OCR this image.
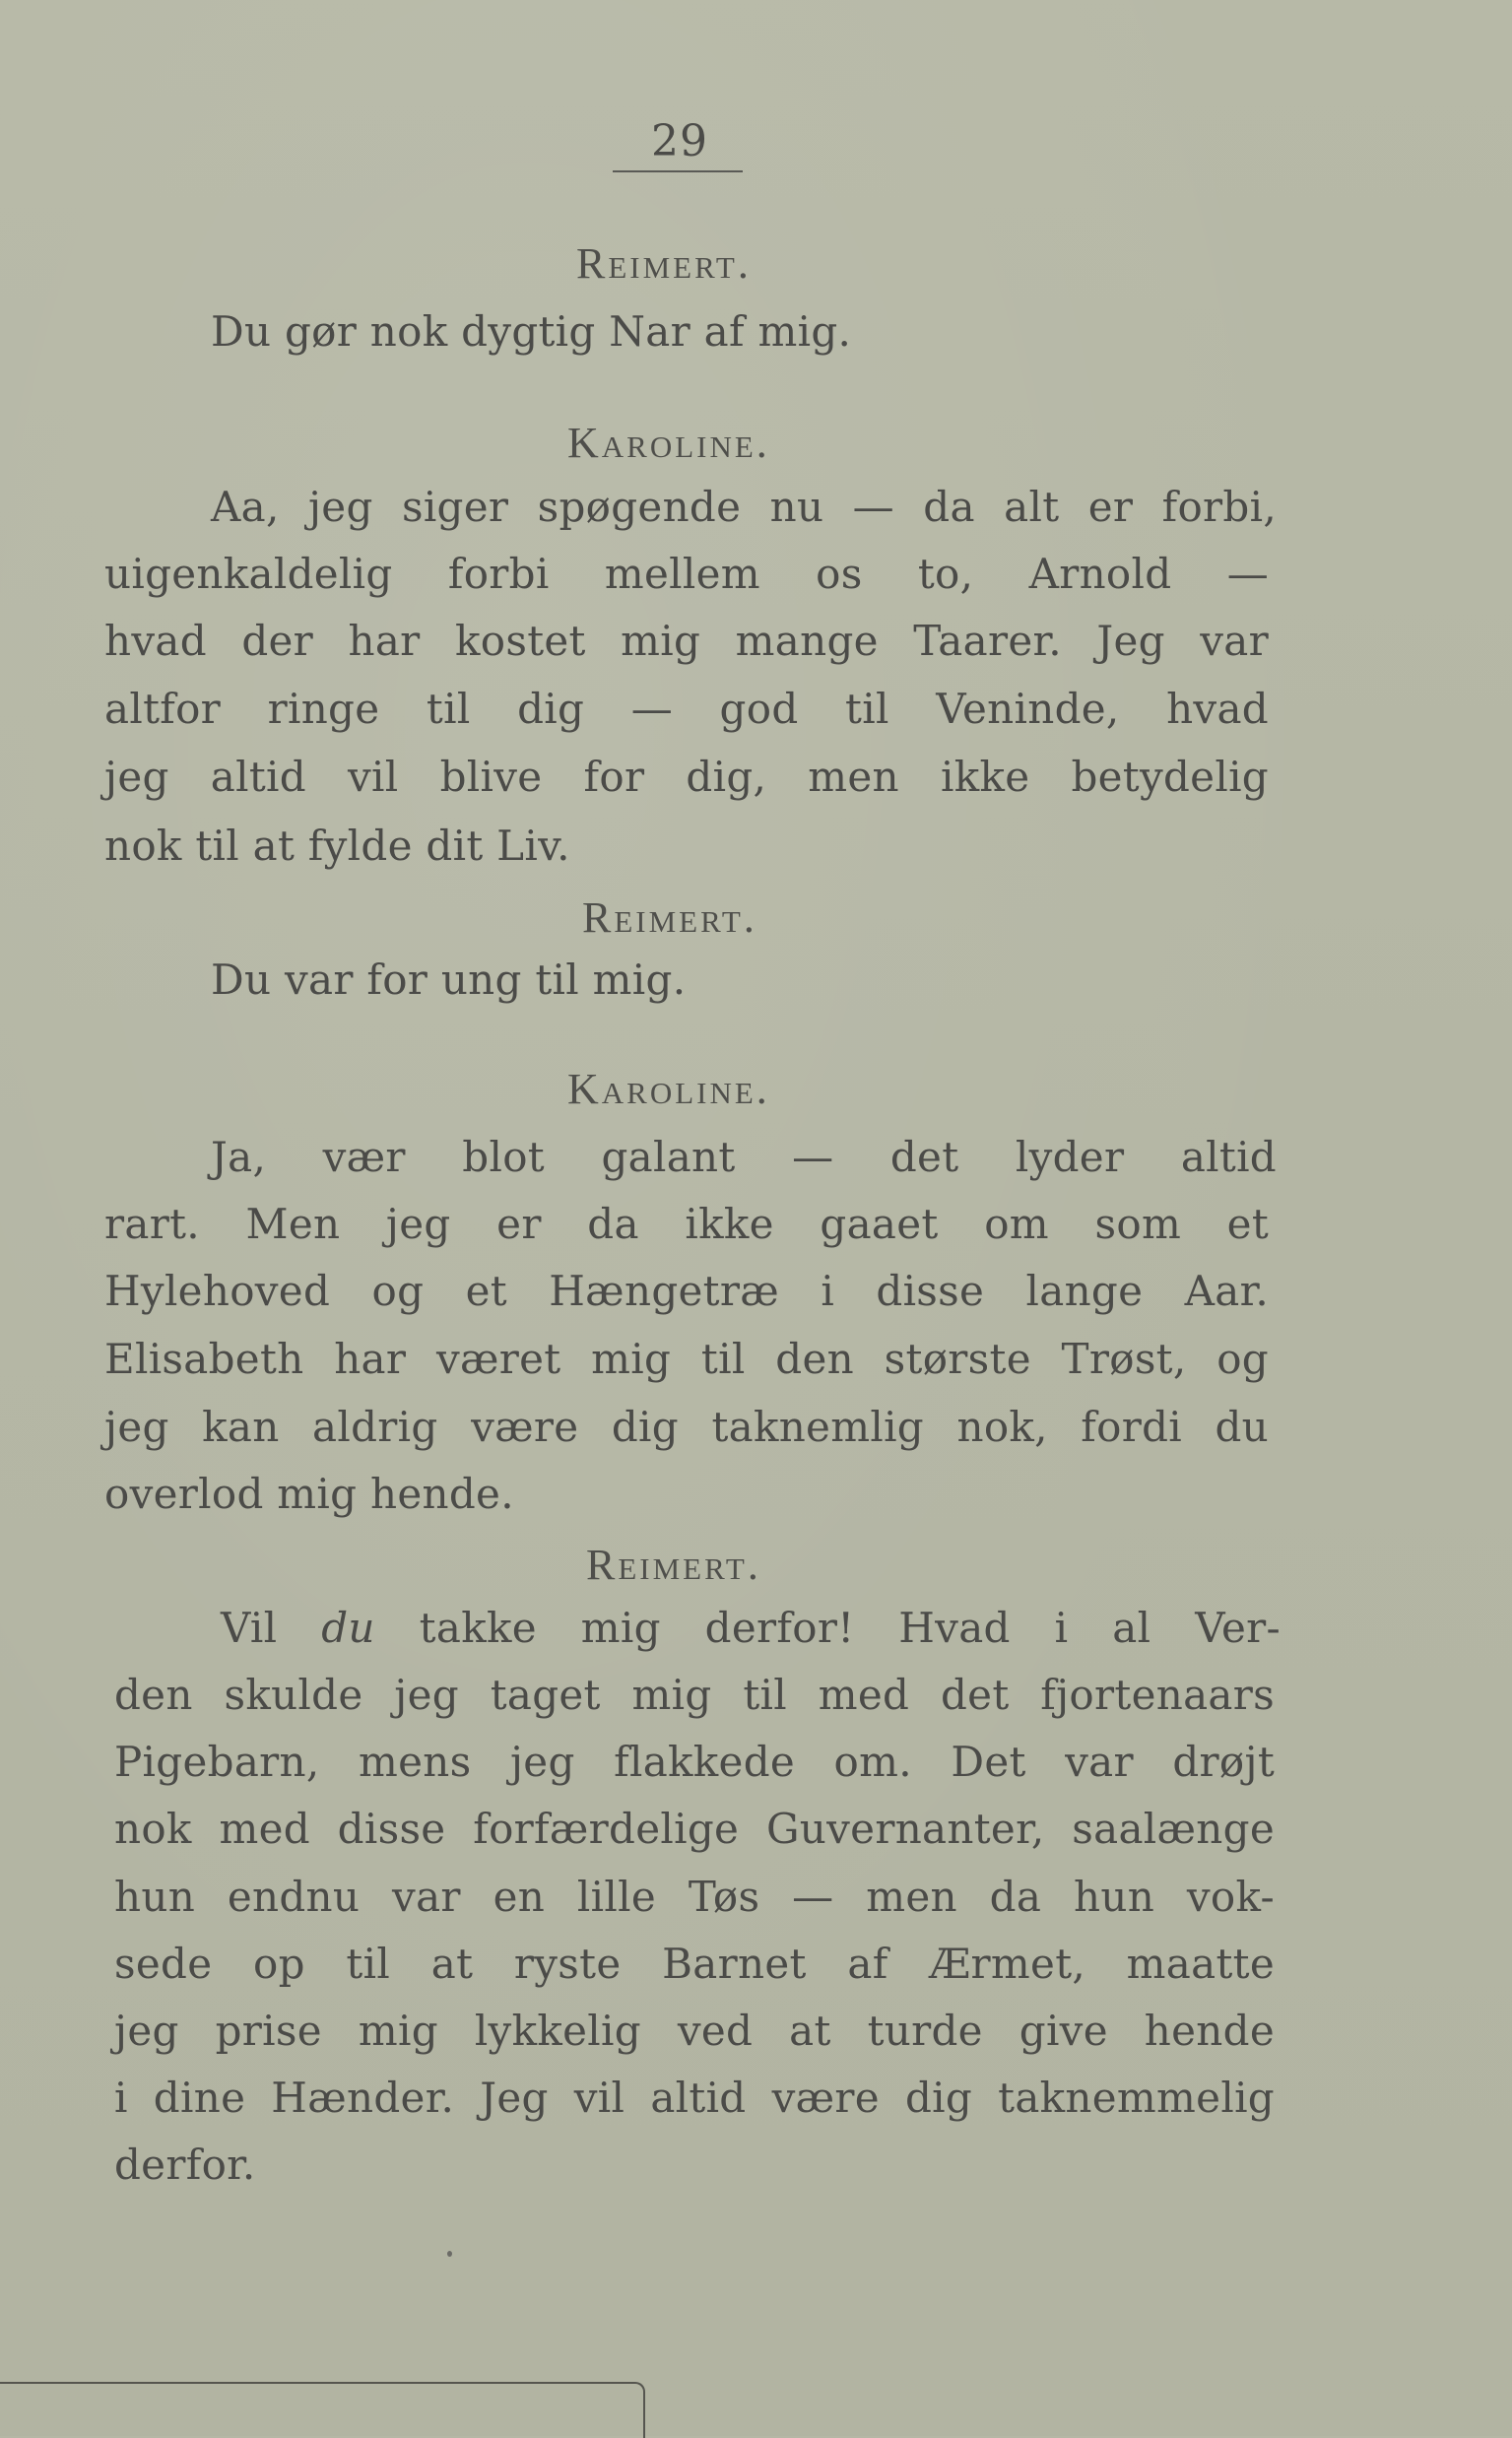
29
Reimert.
Du gør nok dygtig Nar af mig.
Karoline.
Aa, jeg siger spøgende nu — da alt er forbi,
uigenkaldelig forbi mellem os to, Arnold —
hvad der har kostet mig mange Taarer. Jeg var
altfor ringe til dig — god til Veninde, hvad
jeg altid vil blive for dig, men ikke betydelig
nok til at fylde dit Liv.
Reimert.
Du var for ung til mig.
Karoline.
Ja, vær blot galant — det lyder altid
rart. Men jeg er da ikke gaaet om som et
Hylehoved og et Hængetræ i disse lange Aar.
Elisabeth har været mig til den største Trøst, og
jeg kan aldrig være dig taknemlig nok, fordi du
overlod mig hende.
Reimert.
Vil du takke mig derfor! Hvad i al Ver-
den skulde jeg taget mig til med det fjortenaars
Pigebarn, mens jeg flakkede om. Det var drøjt
nok med disse forfærdelige Guvernanter, saalænge
hun endnu var en lille Tøs — men da hun vok-
sede op til at ryste Barnet af Ærmet, maatte
jeg prise mig lykkelig ved at turde give hende
i dine Hænder. Jeg vil altid være dig taknemmelig
derfor.
